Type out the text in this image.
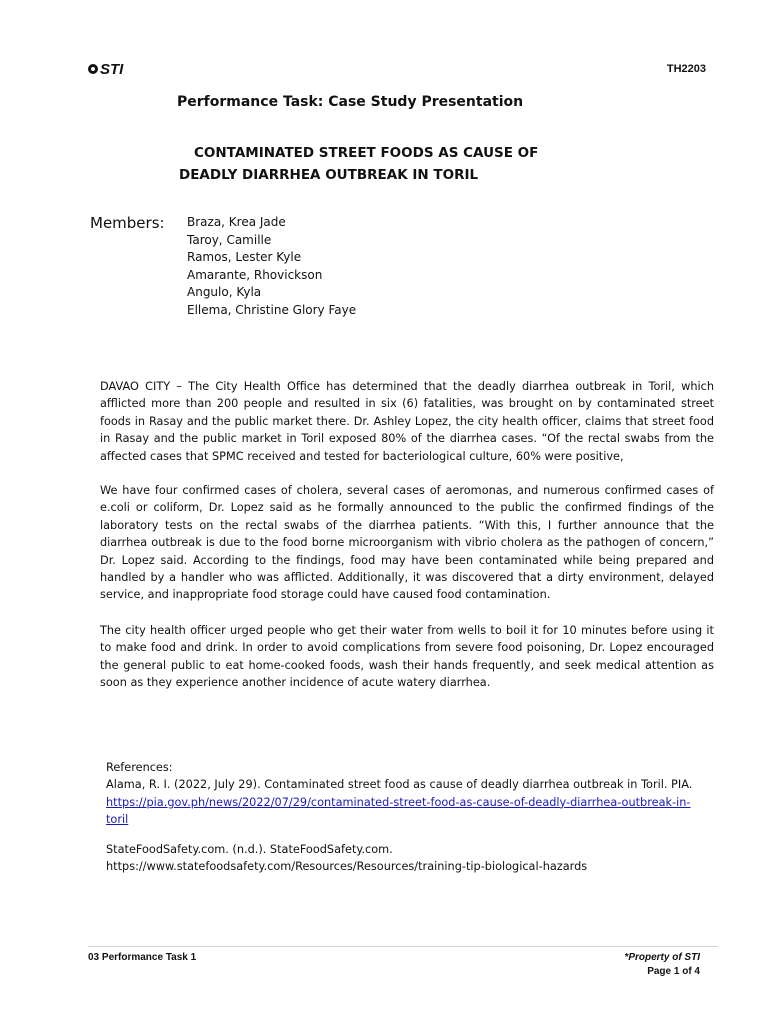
STI	TH2203
Performance Task: Case Study Presentation
CONTAMINATED STREET FOODS AS CAUSE OF
DEADLY DIARRHEA OUTBREAK IN TORIL
Members: Braza, Krea Jade
Taroy, Camille
Ramos, Lester Kyle
Amarante, Rhovickson
Angulo, Kyla
Ellema, Christine Glory Faye

DAVAO CITY – The City Health Office has determined that the deadly diarrhea outbreak in Toril, which afflicted more than 200 people and resulted in six (6) fatalities, was brought on by contaminated street foods in Rasay and the public market there. Dr. Ashley Lopez, the city health officer, claims that street food in Rasay and the public market in Toril exposed 80% of the diarrhea cases. “Of the rectal swabs from the affected cases that SPMC received and tested for bacteriological culture, 60% were positive,

We have four confirmed cases of cholera, several cases of aeromonas, and numerous confirmed cases of e.coli or coliform, Dr. Lopez said as he formally announced to the public the confirmed findings of the laboratory tests on the rectal swabs of the diarrhea patients. “With this, I further announce that the diarrhea outbreak is due to the food borne microorganism with vibrio cholera as the pathogen of concern,” Dr. Lopez said. According to the findings, food may have been contaminated while being prepared and handled by a handler who was afflicted. Additionally, it was discovered that a dirty environment, delayed service, and inappropriate food storage could have caused food contamination.

The city health officer urged people who get their water from wells to boil it for 10 minutes before using it to make food and drink. In order to avoid complications from severe food poisoning, Dr. Lopez encouraged the general public to eat home-cooked foods, wash their hands frequently, and seek medical attention as soon as they experience another incidence of acute watery diarrhea.

References:
Alama, R. I. (2022, July 29). Contaminated street food as cause of deadly diarrhea outbreak in Toril. PIA.
https://pia.gov.ph/news/2022/07/29/contaminated-street-food-as-cause-of-deadly-diarrhea-outbreak-in-
toril
StateFoodSafety.com. (n.d.). StateFoodSafety.com.
https://www.statefoodsafety.com/Resources/Resources/training-tip-biological-hazards
03 Performance Task 1	*Property of STI
Page 1 of 4
